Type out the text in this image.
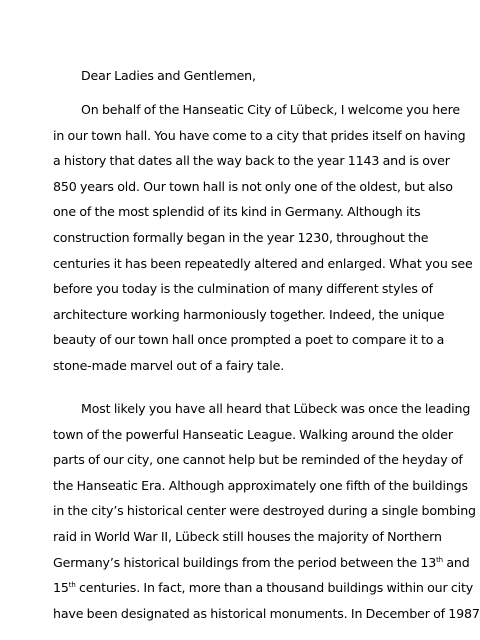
Dear Ladies and Gentlemen,
On behalf of the Hanseatic City of Lübeck, I welcome you here
in our town hall. You have come to a city that prides itself on having
a history that dates all the way back to the year 1143 and is over
850 years old. Our town hall is not only one of the oldest, but also
one of the most splendid of its kind in Germany. Although its
construction formally began in the year 1230, throughout the
centuries it has been repeatedly altered and enlarged. What you see
before you today is the culmination of many different styles of
architecture working harmoniously together. Indeed, the unique
beauty of our town hall once prompted a poet to compare it to a
stone-made marvel out of a fairy tale.
Most likely you have all heard that Lübeck was once the leading
town of the powerful Hanseatic League. Walking around the older
parts of our city, one cannot help but be reminded of the heyday of
the Hanseatic Era. Although approximately one fifth of the buildings
in the city’s historical center were destroyed during a single bombing
raid in World War II, Lübeck still houses the majority of Northern
Germany’s historical buildings from the period between the 13th and
15th centuries. In fact, more than a thousand buildings within our city
have been designated as historical monuments. In December of 1987
